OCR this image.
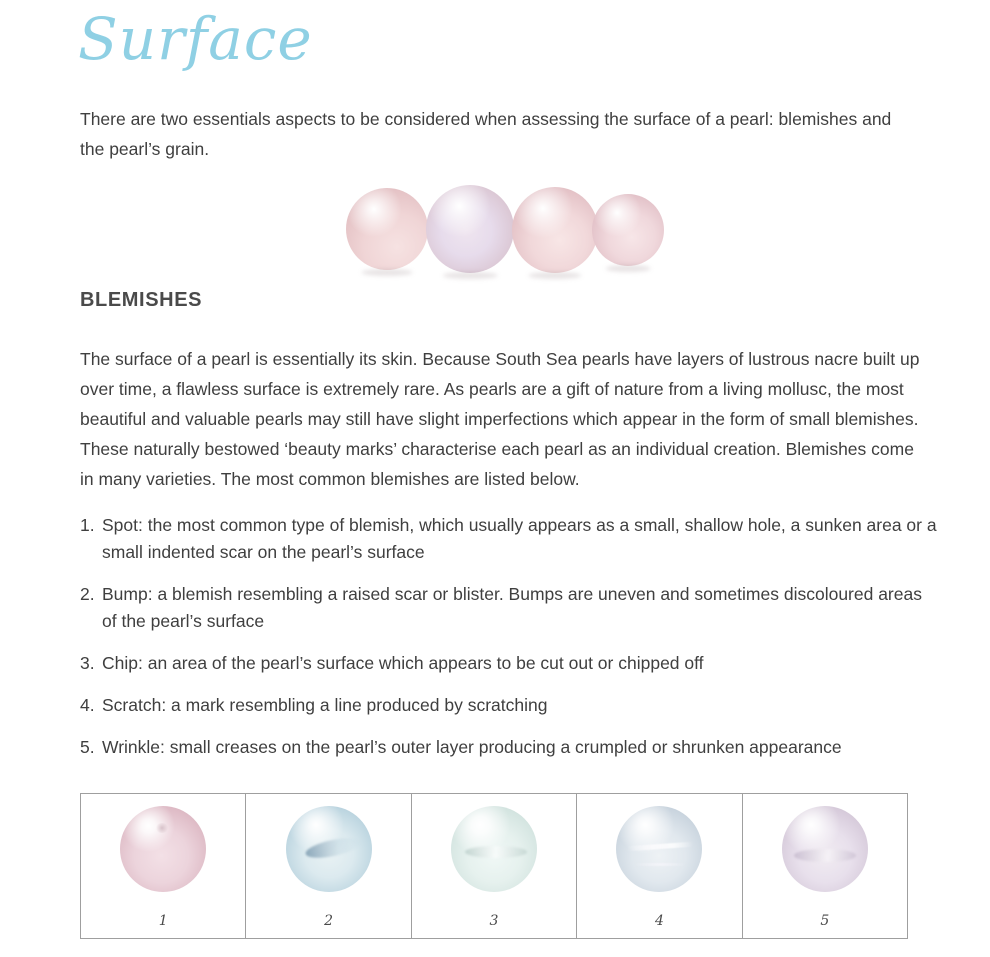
Surface
There are two essentials aspects to be considered when assessing the surface of a pearl: blemishes and the pearl’s grain.
BLEMISHES
The surface of a pearl is essentially its skin. Because South Sea pearls have layers of lustrous nacre built up over time, a flawless surface is extremely rare. As pearls are a gift of nature from a living mollusc, the most beautiful and valuable pearls may still have slight imperfections which appear in the form of small blemishes. These naturally bestowed ‘beauty marks’ characterise each pearl as an individual creation. Blemishes come in many varieties. The most common blemishes are listed below.
1. Spot: the most common type of blemish, which usually appears as a small, shallow hole, a sunken area or a small indented scar on the pearl’s surface
2. Bump: a blemish resembling a raised scar or blister. Bumps are uneven and sometimes discoloured areas of the pearl’s surface
3. Chip: an area of the pearl’s surface which appears to be cut out or chipped off
4. Scratch: a mark resembling a line produced by scratching
5. Wrinkle: small creases on the pearl’s outer layer producing a crumpled or shrunken appearance
1	2	3	4	5
